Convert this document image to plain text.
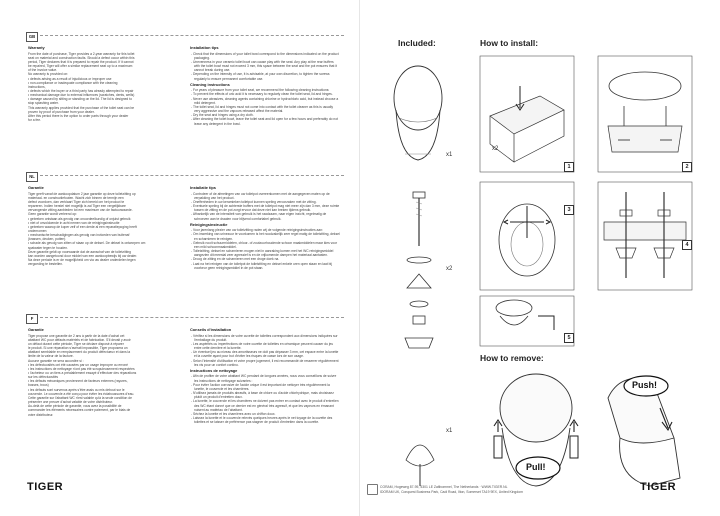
GB
Warranty

From the date of purchase, Tiger provides a 2-year warranty for this toilet

seat on material and construction faults. Should a defect occur within this

period, Tiger declares that it is prepared to repair the product. If it cannot

be repaired, Tiger will offer a similar replacement seat up to a maximum

of the invoice value.

No warranty is provided on:

• defects arising as a result of injudicious or improper use

• non-compliance or inadequate compliance with the cleaning

instructions,

• defects which the buyer or a third party has already attempted to repair

• mechanical damage due to external influences (scratches, dents, wells)

• damage caused by sitting or standing on the lid. The lid is designed to

stop splashing water.

This warranty applies provided that the purchase of the toilet seat can be

proven by proof of purchase from your dealer.

After this period there is the option to order parts through your dealer

for a fee.

Installation tips

- Check that the dimensions of your toilet bowl correspond to the dimensions indicated on the product packaging.

- Unevenness in your ceramic toilet bowl can cause play with the seat. Any play at the rear buffers with the toilet bowl must not exceed 3 mm, this space between the seat and the pot ensures that it cannot break during use.

- Depending on the intensity of use, it is advisable, at your own discretion, to tighten the screws regularly to ensure permanent comfortable use.

Cleaning instructions

- For years of pleasure from your toilet seat, we recommend the following cleaning instructions:

- To prevent the effects of uric acid it is necessary to regularly clean the toilet seat, lid and hinges.

- Never use abrasives, cleaning agents containing chlorine or hydrochloric acid, but instead choose a mild detergent.

- The toilet seat, lid and hinges must not come into contact with the toilet cleaner as this is usually very aggressive and the vapours released affect the material.

- Dry the seat and hinges using a dry cloth.

- After cleaning the toilet bowl, leave the toilet seat and lid open for a few hours and preferably do not leave any detergent in the bowl.

NL
Garantie

Tiger geeft vanaf de aankoopdatum 2 jaar garantie op deze toiletzitting op

materiaal- en constructiefouten. Wacht zich binnen de termijn een

defect voordoen, dan verklaart Tiger zich bereid om het product te

repareren. Indien herstel niet mogelijk is zal Tiger een vergelijkbare

vervangende zitting aanbieden tot een maximum van de factuurwaarde.

Geen garantie wordt verleend op:

• gebreken ontstaan als gevolg van onoordeelkundig of onjuist gebruik

• niet of onvoldoende in acht nemen van de reinigingsinstructie

• gebreken waarop de koper zelf of een derde al een reparatiepoging heeft

ondernomen

• mechanische beschadigingen als gevolg van invloeden van buitenaf

(krassen, deuken, putten)

• schade als gevolg van zitten of staan op de deksel. De deksel is ontworpen om

spatwater tegen te houden.

Deze garantie geldt op voorwaarde dat de aanschaf van de toiletzitting

kan worden aangetoond door middel van een aankoopbewijs bij uw dealer.

Na deze periode is er de mogelijkheid om via uw dealer onderdelen tegen

vergoeding te bestellen.

Installatie tips

- Controleer of de afmetingen van uw toiletpot overeenkomen met de aangegeven maten op de verpakking van het product.

- Oneffenheden in uw keramieken toiletpot kunnen speling veroorzaken met de zitting.

- Eventuele speling bij de achterste buffers met de toiletpot mag niet meer zijn dan 3 mm, deze ruimte tussen de zitting en de pot zorgt ervoor dat deze niet kan breken tijdens gebruik.

- Afhankelijk van de intensiteit van gebruik is het raadzaam, naar eigen inzicht, regelmatig de schroeven aan te draaien voor blijvend comfortabel gebruik.

Reinigingsinstructie

- Voor jarenlang plezier van uw toiletzitting raden wij de volgende reinigingsinstructies aan:

- Om inwerking van urinezuur te voorkomen is het noodzakelijk zeer regel matig de toiletzitting, deksel en scharnieren te reinigen.

- Gebruik nooit schuurmiddelen, chloor- of zoutzuurhoudende schoon maakmiddelen maar kies voor een mild schoonmaakmiddel.

- Toiletzitting, deksel en scharnieren mogen niet in aanraking komen met het WC reinigingsmiddel aangezien dit meestal zeer agressief is en de vrijkomende dampen het materiaal aantasten.

- Droog de zitting en de scharnieren met een droge doek na.

- Laat na het reinigen van de toiletpot de toiletzitting en deksel enkele uren open staan en laat bij voorkeur geen reinigingsmiddel in de pot staan.

F
Garantie

Tiger propose une garantie de 2 ans à partir de la date d'achat cet

abattant WC pour défauts matériels et de fabrication. S'il devait y avoir

un défaut durant cette période, Tiger se déclare disposé à réparer

le produit. Si une réparation s'avérait impossible, Tiger proposera un

abattant semblable en remplacement du produit défectueux et dans la

limite de la valeur de la facture.

Aucune garantie ne sera accordée si :

• les défectuosités ont été causées par un usage impropre ou erroné

• les instructions de nettoyage n'ont pas été scrupuleusement respectées

• l'acheteur ou un tiers a préalablement essayé d'effectuer des réparations

sur les défectuosités

• les défauts mécaniques proviennent de facteurs externes (rayures,

bosses, trous)

• les défauts sont survenus après s'être assis ou mis debout sur le

couvercle. Le couvercle a été conçu pour éviter les éclaboussures d'eau.

Cette garantie sur l'abattant WC n'est valable qu'à la seule condition de

présenter une preuve d'achat valable de votre distributeur.

Au-delà de cette période de garantie, vous avez la possibilité de

commander les éléments nécessaires contre paiement, par le biais de

votre distributeur.

Conseils d'installation

- Vérifiez si les dimensions de votre cuvette de toilettes correspondent aux dimensions indiquées sur l'emballage du produit.

- Les aspérités ou imperfections de votre cuvette de toilettes en céramique peuvent causer du jeu entre cette dernière et la lunette.

- Un éventuel jeu au niveau des amortisseurs ne doit pas dépasser 3 mm, cet espace entre la lunette et la cuvette ayant pour but d'éviter les risques de casse lors de son usage.

- Selon l'intensité d'utilisation et votre propre jugement, il est recommandé de resserrer régulièrement les vis pour un confort continu.

Instructions de nettoyage

- Afin de profiter de votre abattant WC pendant de longues années, nous vous conseillons de suivre les instructions de nettoyage suivantes :

- Pour éviter l'action corrosive de l'acide urique il est important de nettoyer très régulièrement la lunette, le couvercle et les charnières.

- N'utilisez jamais de produits abrasifs, à base de chlore ou d'acide chlorhydrique, mais choisissez plutôt un produit d'entretien doux.

- La lunette, le couvercle et les charnières ne doivent pas entrer en contact avec le produit d'entretien des WC étant donné que ce dernier est en général très agressif, et que les vapeurs en émanant nuisent au matériau de l'abattant.

- Séchez la lunette et les charnières avec un chiffon doux.

- Laissez la lunette et le couvercle relevés quelques heures après le net toyage de la cuvette des toilettes et se laisser de préférence pas stagner de produit d'entretien dans la cuvette.

TIGER
Included:	How to install:
How to remove:
x1
x2
x1
x2
1	2
3
4
5
Pull!
Push!
CORAM, Hogeweg 87-95, 5301 LE Zaltbommel, The Netherlands · WWW.TIGER.NL
IDORAM UK, Conquest Business Park, Cadi Road, Ilton, Somerset TA19 9EX, United Kingdom	TIGER
